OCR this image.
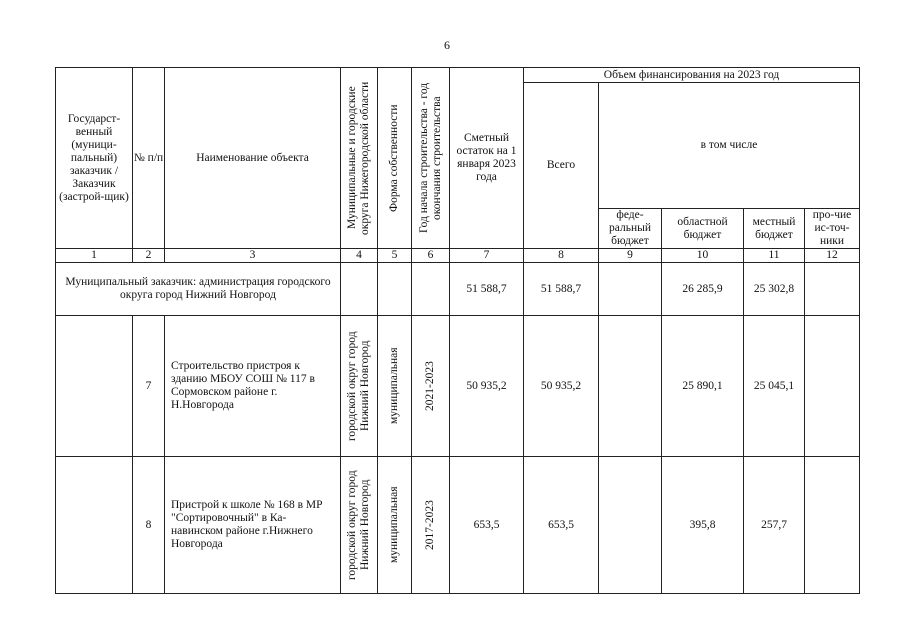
6
Государст-венный (муници-пальный) заказчик / Заказчик (застрой-щик)	№ п/п	Наименование объекта	Муниципальные и городские округа Нижегородской области	Форма собственности	Год начала строительства - год окончания строительства	Сметный остаток на 1 января 2023 года	Объем финансирования на 2023 год				
							Всего	в том числе			
								феде-ральный бюджет	областной бюджет	местный бюджет	про-чие ис-точ-ники
1	2	3	4	5	6	7	8	9	10	11	12
Муниципальный заказчик: администрация городского округа город Нижний Новгород						51 588,7	51 588,7		26 285,9	25 302,8	
	7	Строительство пристроя к зданию МБОУ СОШ № 117 в Сормовском районе г. Н.Новгорода	городской округ город Нижний Новгород	муниципальная	2021-2023	50 935,2	50 935,2		25 890,1	25 045,1	
	8	Пристрой к школе № 168 в МР "Сортировочный" в Ка-навинском районе г.Нижнего Новгорода	городской округ город Нижний Новгород	муниципальная	2017-2023	653,5	653,5		395,8	257,7	
